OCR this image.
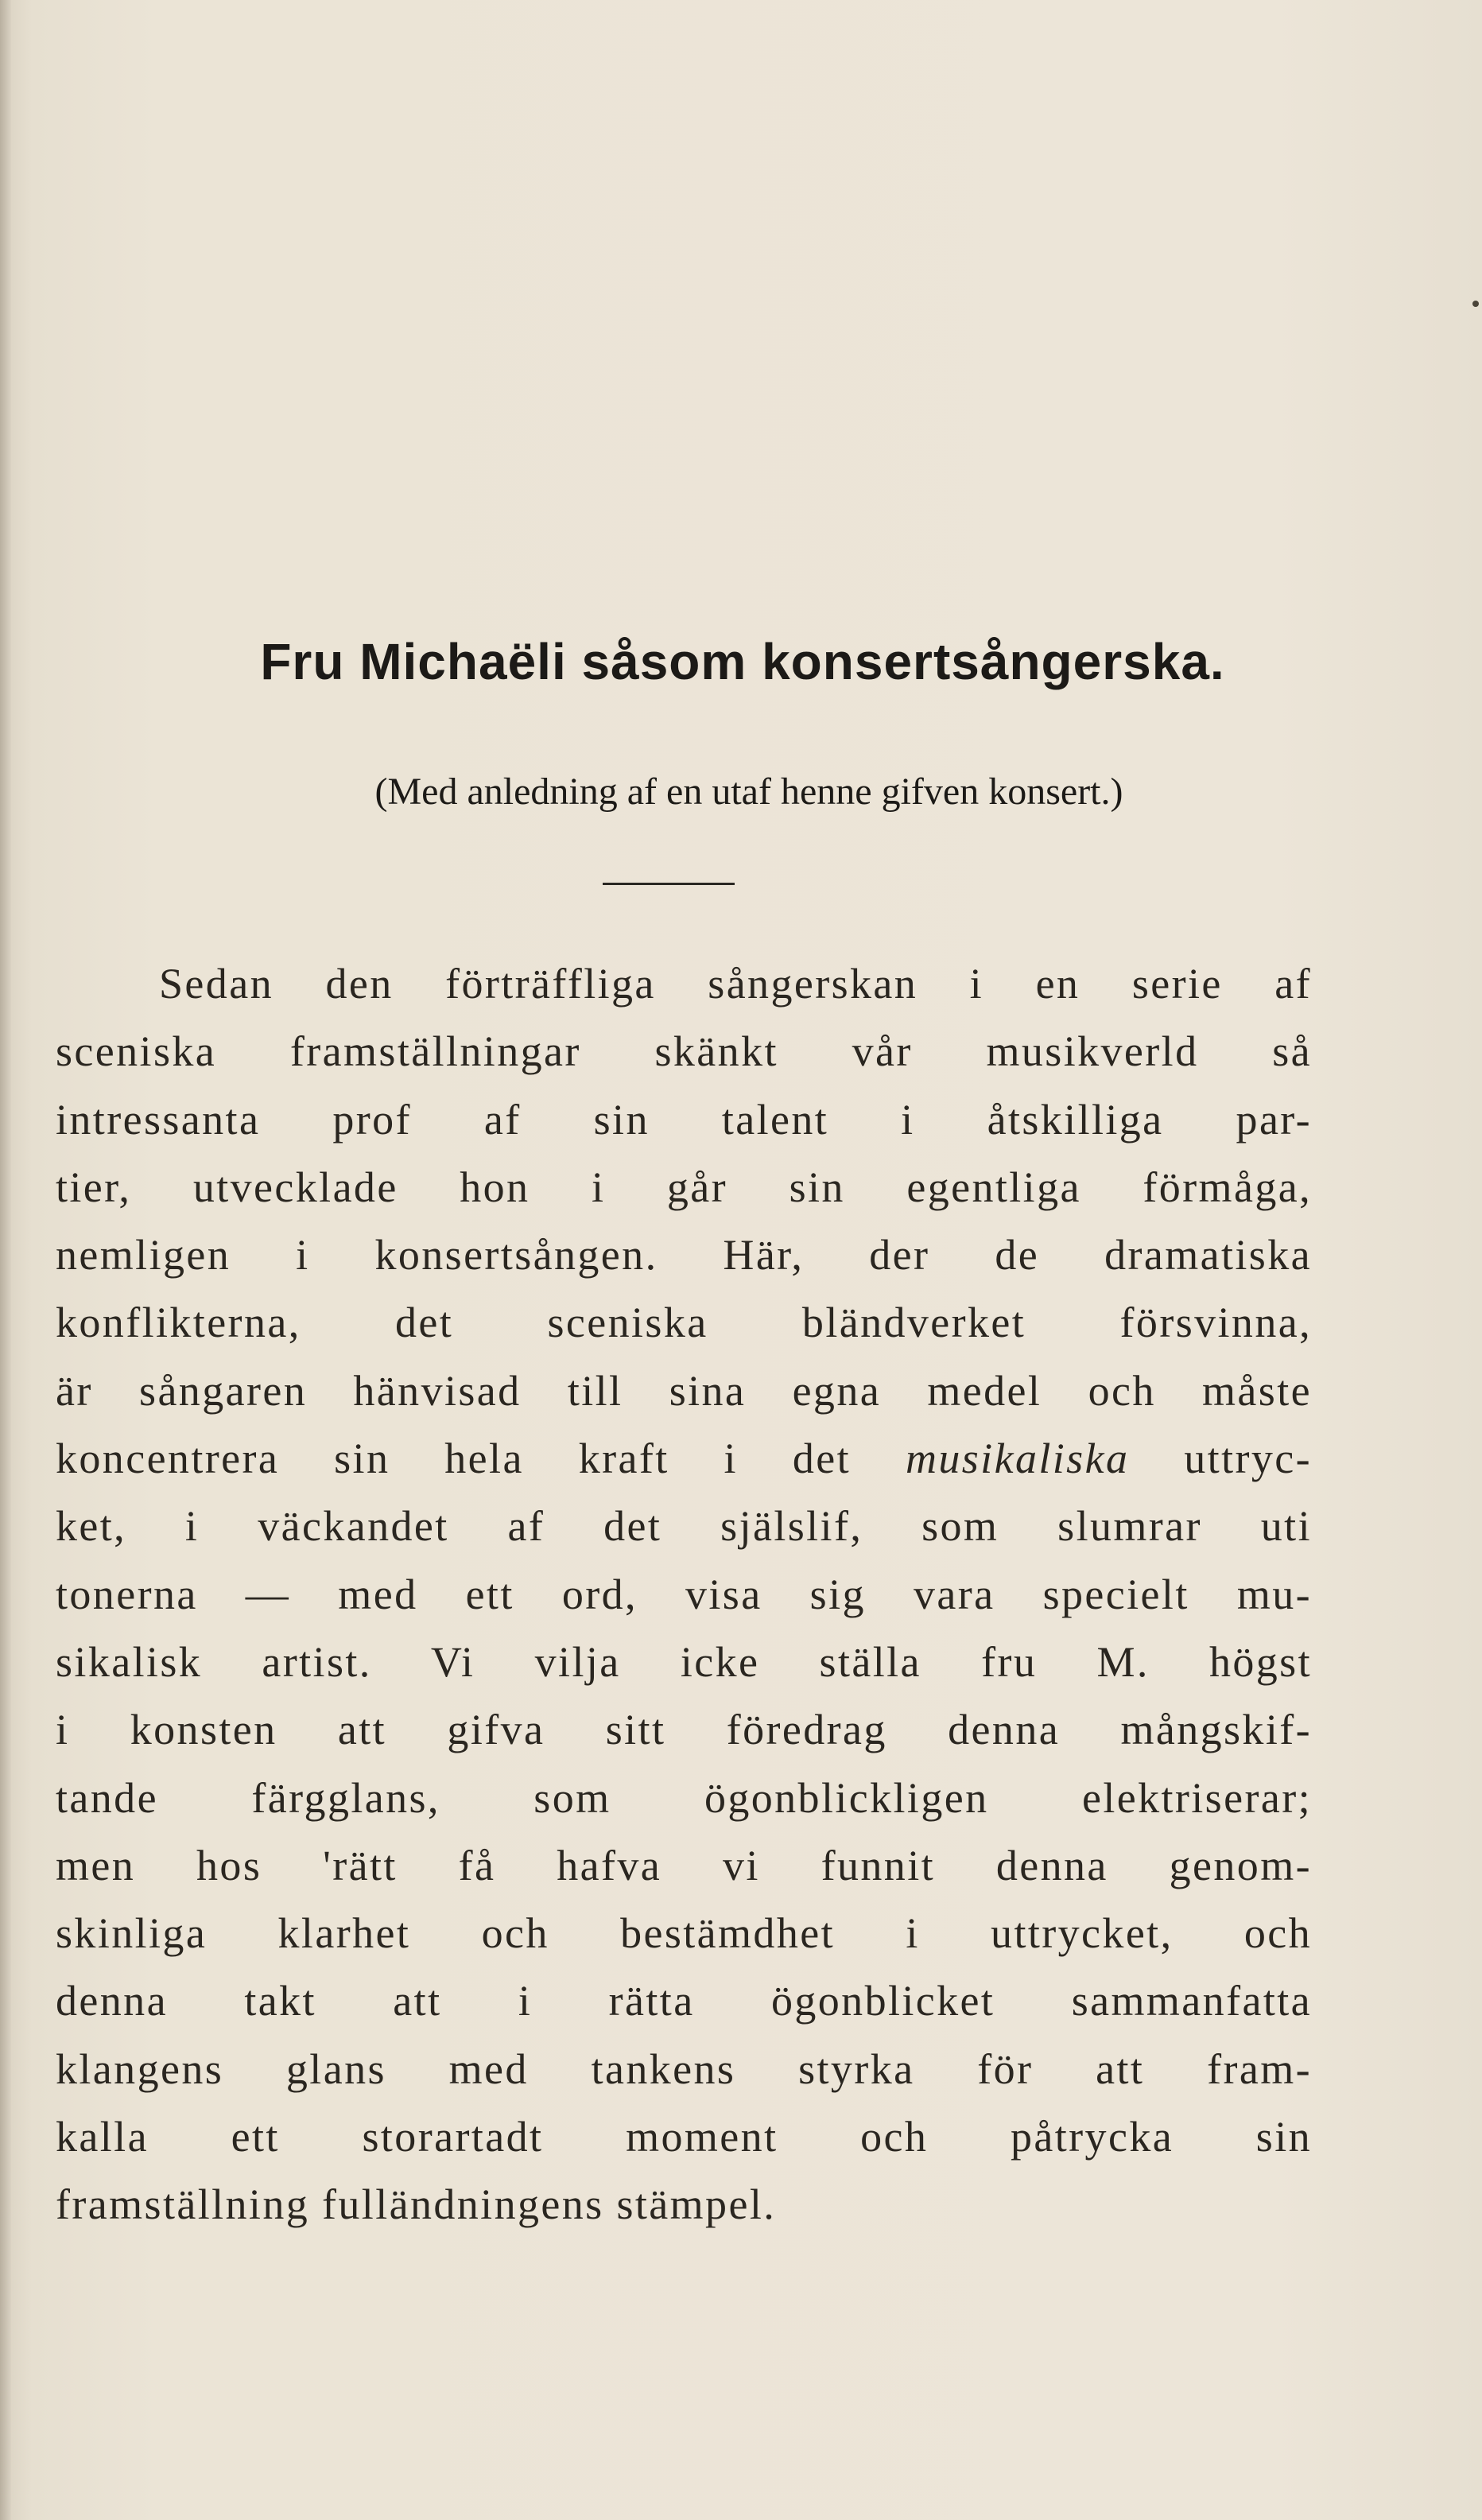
Fru Michaëli såsom konsertsångerska.

(Med anledning af en utaf henne gifven konsert.)

Sedan den förträffliga sångerskan i en serie af
sceniska framställningar skänkt vår musikverld så
intressanta prof af sin talent i åtskilliga par-
tier, utvecklade hon i går sin egentliga förmåga,
nemligen i konsertsången. Här, der de dramatiska
konflikterna, det sceniska bländverket försvinna,
är sångaren hänvisad till sina egna medel och måste
koncentrera sin hela kraft i det musikaliska uttryc-
ket, i väckandet af det själslif, som slumrar uti
tonerna — med ett ord, visa sig vara specielt mu-
sikalisk artist. Vi vilja icke ställa fru M. högst
i konsten att gifva sitt föredrag denna mångskif-
tande färgglans, som ögonblickligen elektriserar;
men hos 'rätt få hafva vi funnit denna genom-
skinliga klarhet och bestämdhet i uttrycket, och
denna takt att i rätta ögonblicket sammanfatta
klangens glans med tankens styrka för att fram-
kalla ett storartadt moment och påtrycka sin
framställning fulländningens stämpel.
